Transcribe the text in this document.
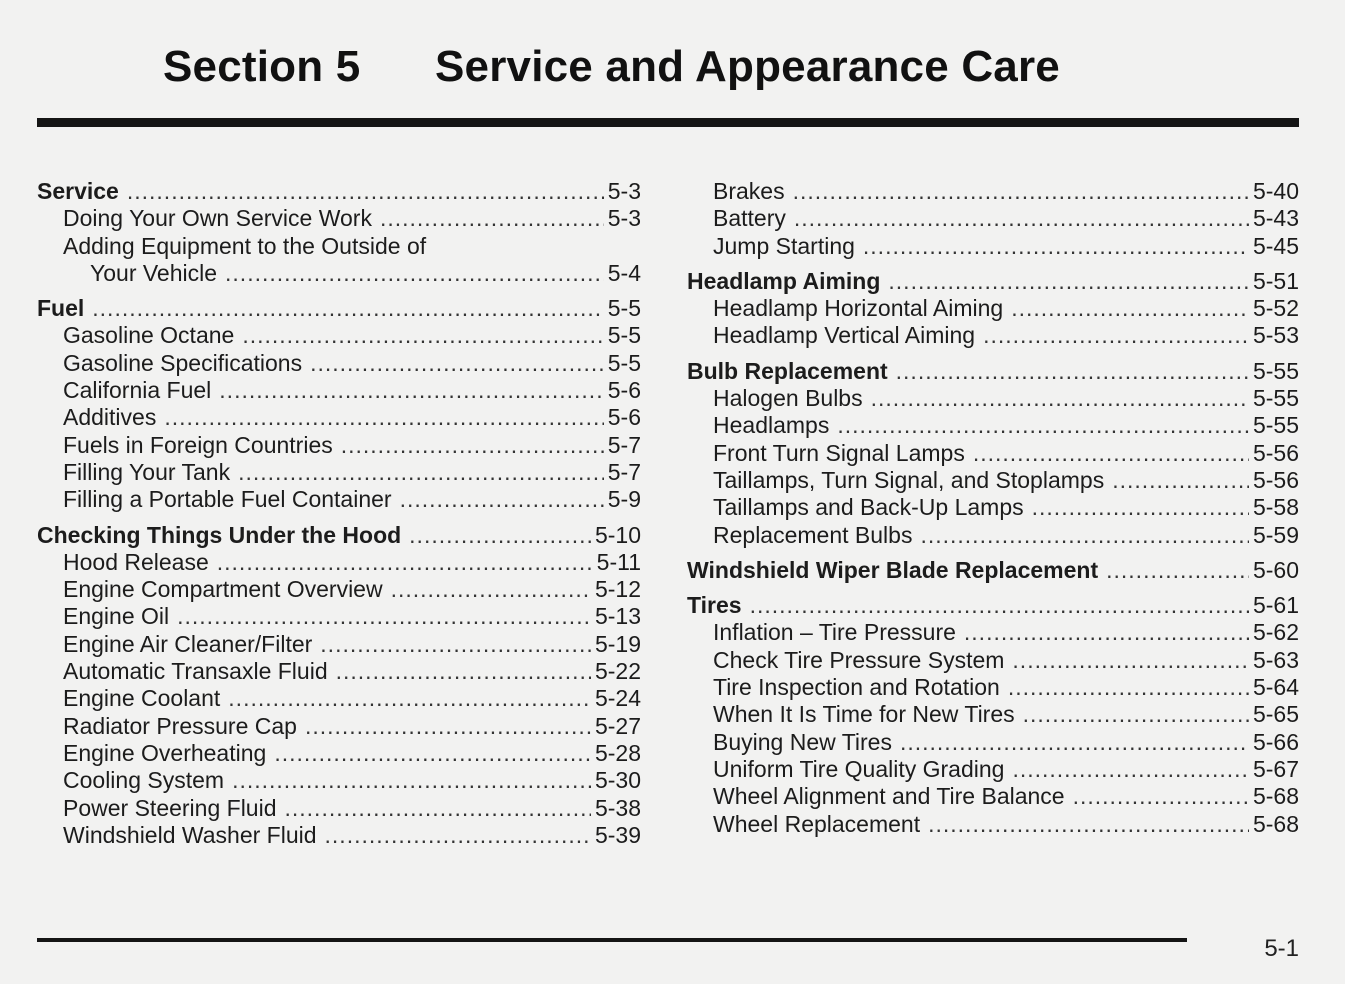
Section 5 Service and Appearance Care
Service .....	5-3
Doing Your Own Service Work .....	5-3
Adding Equipment to the Outside of
Your Vehicle .....	5-4
Fuel .....	5-5
Gasoline Octane .....	5-5
Gasoline Specifications .....	5-5
California Fuel .....	5-6
Additives .....	5-6
Fuels in Foreign Countries .....	5-7
Filling Your Tank .....	5-7
Filling a Portable Fuel Container .....	5-9
Checking Things Under the Hood .....	5-10
Hood Release .....	5-11
Engine Compartment Overview .....	5-12
Engine Oil .....	5-13
Engine Air Cleaner/Filter .....	5-19
Automatic Transaxle Fluid .....	5-22
Engine Coolant .....	5-24
Radiator Pressure Cap .....	5-27
Engine Overheating .....	5-28
Cooling System .....	5-30
Power Steering Fluid .....	5-38
Windshield Washer Fluid .....	5-39
Brakes .....	5-40
Battery .....	5-43
Jump Starting .....	5-45
Headlamp Aiming .....	5-51
Headlamp Horizontal Aiming .....	5-52
Headlamp Vertical Aiming .....	5-53
Bulb Replacement .....	5-55
Halogen Bulbs .....	5-55
Headlamps .....	5-55
Front Turn Signal Lamps .....	5-56
Taillamps, Turn Signal, and Stoplamps .....	5-56
Taillamps and Back-Up Lamps .....	5-58
Replacement Bulbs .....	5-59
Windshield Wiper Blade Replacement .....	5-60
Tires .....	5-61
Inflation – Tire Pressure .....	5-62
Check Tire Pressure System .....	5-63
Tire Inspection and Rotation .....	5-64
When It Is Time for New Tires .....	5-65
Buying New Tires .....	5-66
Uniform Tire Quality Grading .....	5-67
Wheel Alignment and Tire Balance .....	5-68
Wheel Replacement .....	5-68
5-1
